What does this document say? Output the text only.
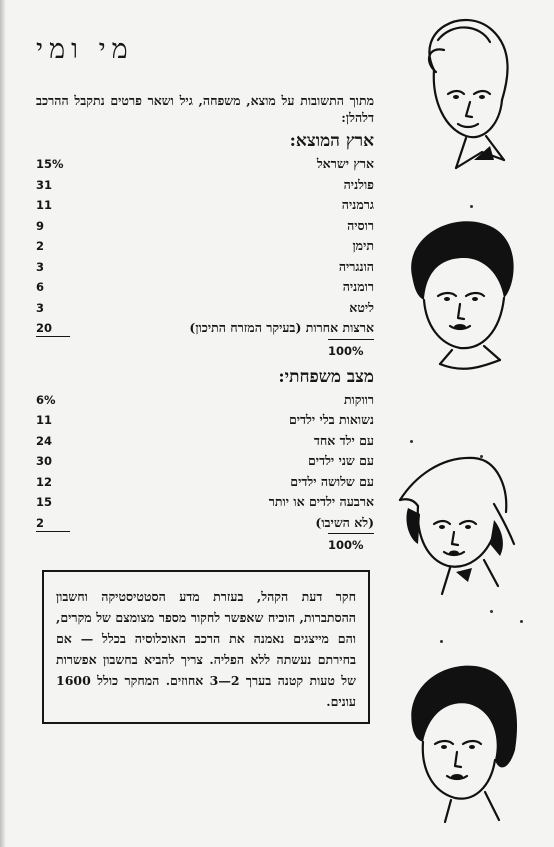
מי ומי
מתוך התשובות על מוצא, משפחה, גיל ושאר פרטים נתקבל ההרכב דלהלן:
ארץ המוצא:
ארץ ישראל
15%
פולניה
31
גרמניה
11
רוסיה
9
תימן
2
הונגריה
3
רומניה
6
ליטא
3
ארצות אחרות (בעיקר המזרח התיכון)
20
100%
מצב משפחתי:
רווקות
6%
נשואות בלי ילדים
11
עם ילד אחד
24
עם שני ילדים
30
עם שלושה ילדים
12
ארבעה ילדים או יותר
15
(לא השיבו)
2
100%
חקר דעת הקהל, בעזרת מדע הסטטיסטיקה וחשבון ההסתברות, הוכיח שאפשר לחקור מספר מצומצם של מקרים, והם מייצגים נאמנה את הרכב האוכלוסיה בכלל — אם בחירתם נעשתה ללא הפליה. צריך להביא בחשבון אפשרות של טעות קטנה בערך 2—3 אחוזים. המחקר כולל 1600 עונים.
